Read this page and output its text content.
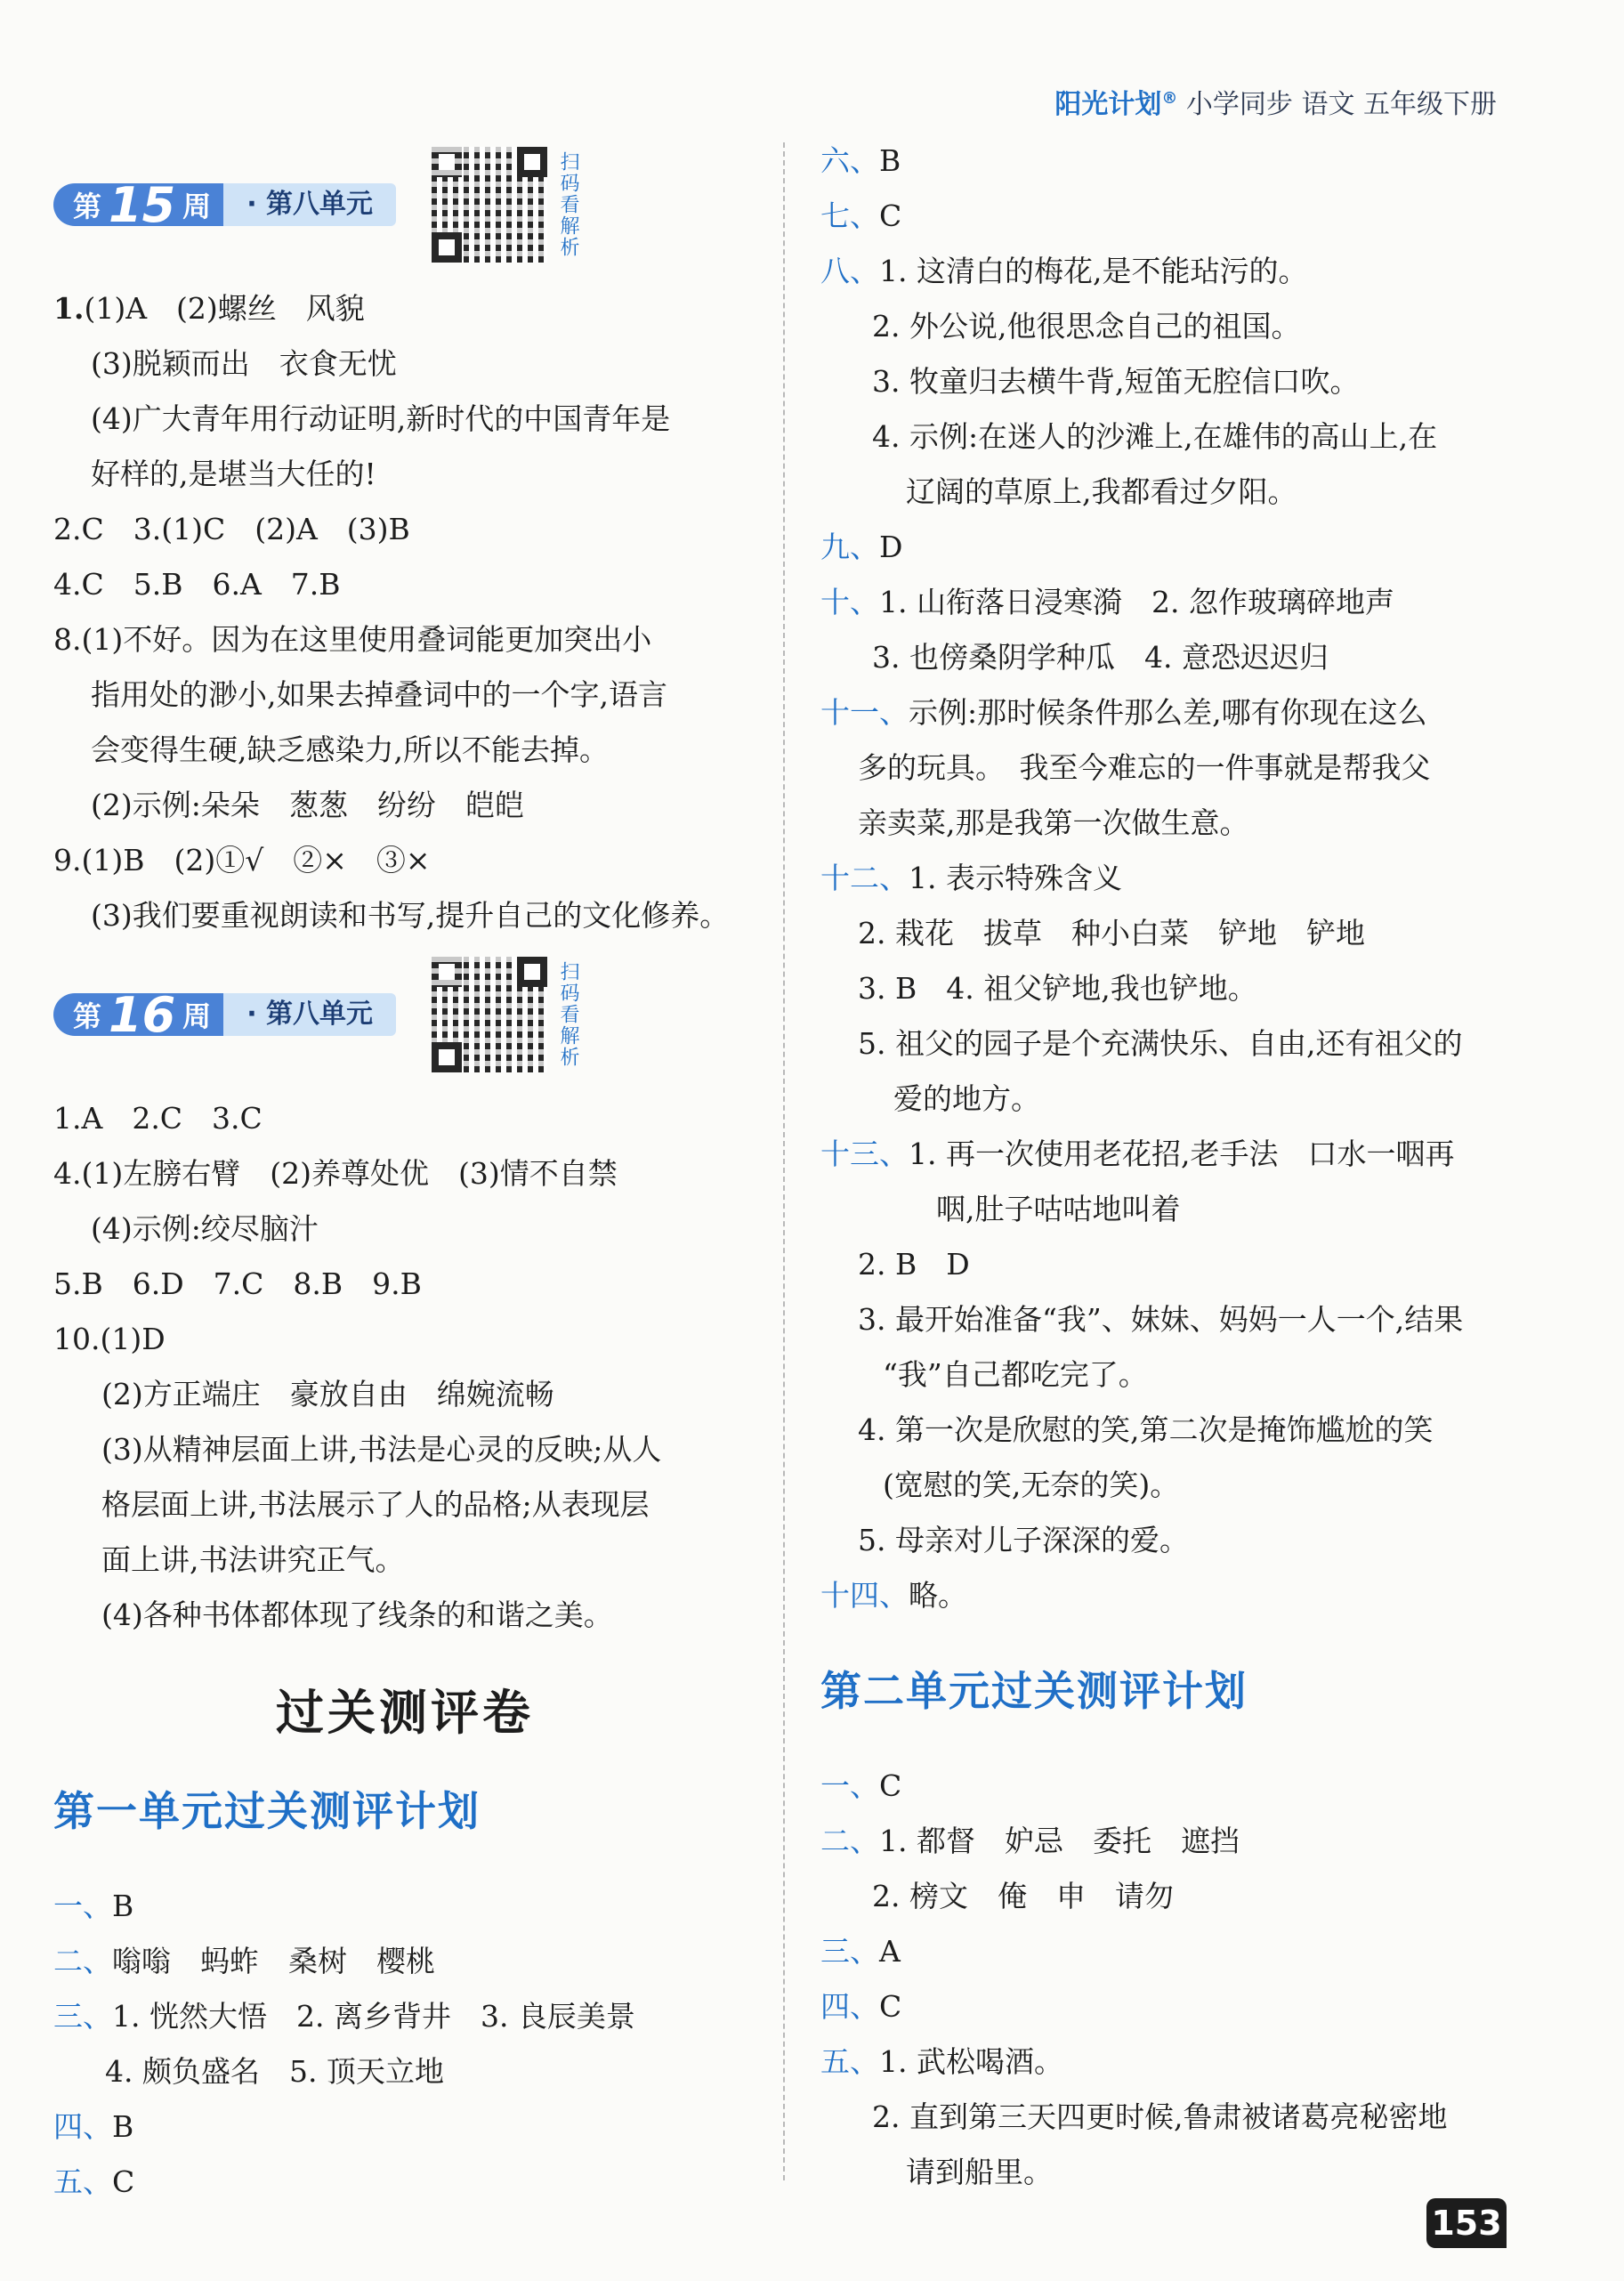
阳光计划® 小学同步 语文 五年级下册
第 15 周	· 第八单元	扫码看解析
1.(1)A　(2)螺丝　风貌
(3)脱颖而出　衣食无忧
(4)广大青年用行动证明,新时代的中国青年是
好样的,是堪当大任的!
2.C　3.(1)C　(2)A　(3)B
4.C　5.B　6.A　7.B
8.(1)不好。因为在这里使用叠词能更加突出小
指用处的渺小,如果去掉叠词中的一个字,语言
会变得生硬,缺乏感染力,所以不能去掉。
(2)示例:朵朵　葱葱　纷纷　皑皑
9.(1)B　(2)①√　②×　③×
(3)我们要重视朗读和书写,提升自己的文化修养。
第 16 周	· 第八单元	扫码看解析
1.A　2.C　3.C
4.(1)左膀右臂　(2)养尊处优　(3)情不自禁
(4)示例:绞尽脑汁
5.B　6.D　7.C　8.B　9.B
10.(1)D
(2)方正端庄　豪放自由　绵婉流畅
(3)从精神层面上讲,书法是心灵的反映;从人
格层面上讲,书法展示了人的品格;从表现层
面上讲,书法讲究正气。
(4)各种书体都体现了线条的和谐之美。
过关测评卷
第一单元过关测评计划
一、B
二、嗡嗡　蚂蚱　桑树　樱桃
三、1. 恍然大悟　2. 离乡背井　3. 良辰美景
4. 颇负盛名　5. 顶天立地
四、B
五、C
六、B
七、C
八、1. 这清白的梅花,是不能玷污的。
2. 外公说,他很思念自己的祖国。
3. 牧童归去横牛背,短笛无腔信口吹。
4. 示例:在迷人的沙滩上,在雄伟的高山上,在
辽阔的草原上,我都看过夕阳。
九、D
十、1. 山衔落日浸寒漪　2. 忽作玻璃碎地声
3. 也傍桑阴学种瓜　4. 意恐迟迟归
十一、示例:那时候条件那么差,哪有你现在这么
多的玩具。　我至今难忘的一件事就是帮我父
亲卖菜,那是我第一次做生意。
十二、1. 表示特殊含义
2. 栽花　拔草　种小白菜　铲地　铲地
3. B　4. 祖父铲地,我也铲地。
5. 祖父的园子是个充满快乐、自由,还有祖父的
爱的地方。
十三、1. 再一次使用老花招,老手法　口水一咽再
咽,肚子咕咕地叫着
2. B　D
3. 最开始准备“我”、妹妹、妈妈一人一个,结果
“我”自己都吃完了。
4. 第一次是欣慰的笑,第二次是掩饰尴尬的笑
(宽慰的笑,无奈的笑)。
5. 母亲对儿子深深的爱。
十四、略。
第二单元过关测评计划
一、C
二、1. 都督　妒忌　委托　遮挡
2. 榜文　俺　申　请勿
三、A
四、C
五、1. 武松喝酒。
2. 直到第三天四更时候,鲁肃被诸葛亮秘密地
请到船里。
153
